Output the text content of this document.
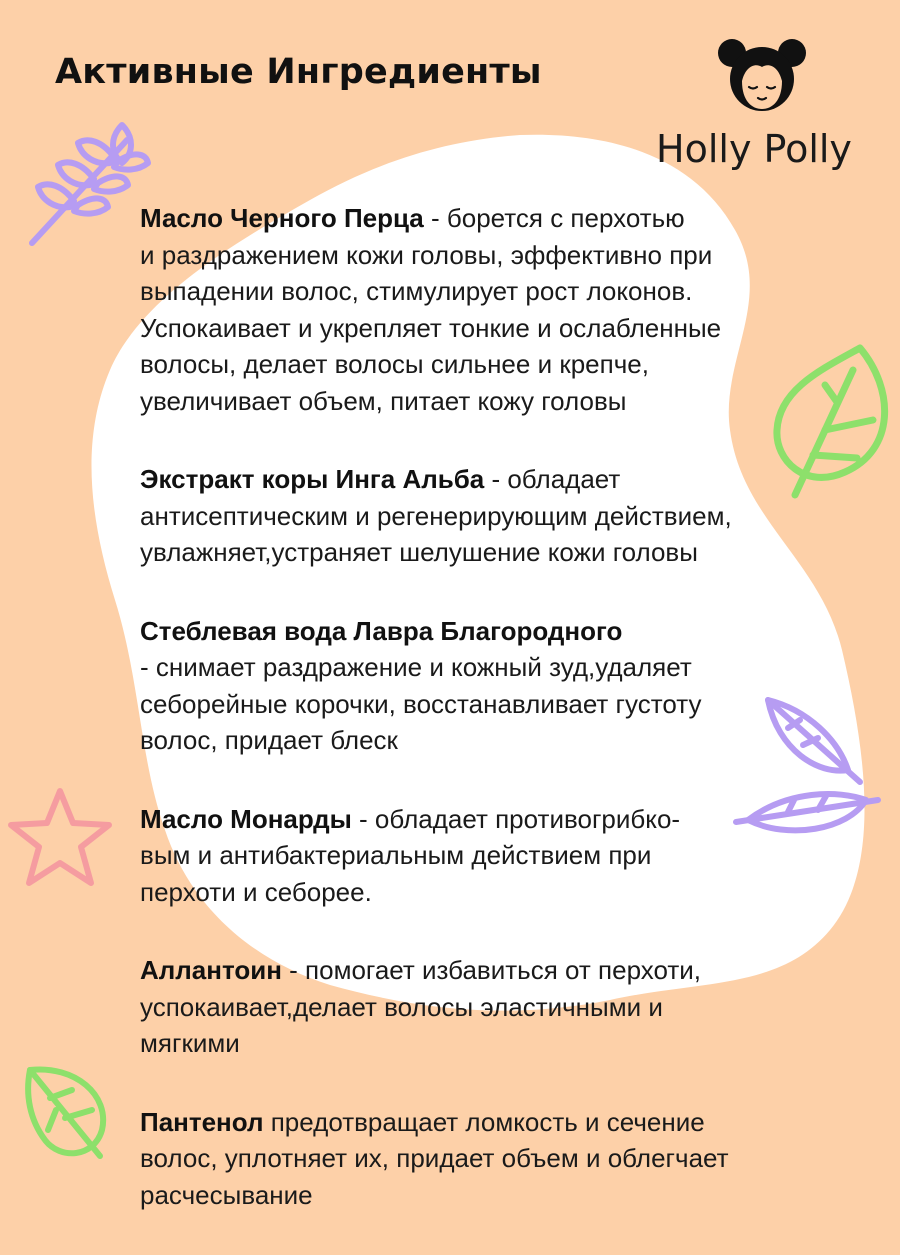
Активные Ингредиенты
Holly Polly

Масло Черного Перца - борется с перхотью

и раздражением кожи головы, эффективно при

выпадении волос, стимулирует рост локонов.

Успокаивает и укрепляет тонкие и ослабленные

волосы, делает волосы сильнее и крепче,

увеличивает объем, питает кожу головы

Экстракт коры Инга Альба - обладает

антисептическим и регенерирующим действием,

увлажняет,устраняет шелушение кожи головы

Стеблевая вода Лавра Благородного

- снимает раздражение и кожный зуд,удаляет

себорейные корочки, восстанавливает густоту

волос, придает блеск

Масло Монарды - обладает противогрибко-

вым и антибактериальным действием при

перхоти и себорее.

Аллантоин - помогает избавиться от перхоти,

успокаивает,делает волосы эластичными и мягкими

Пантенол предотвращает ломкость и сечение

волос, уплотняет их, придает объем и облегчает

расчесывание
